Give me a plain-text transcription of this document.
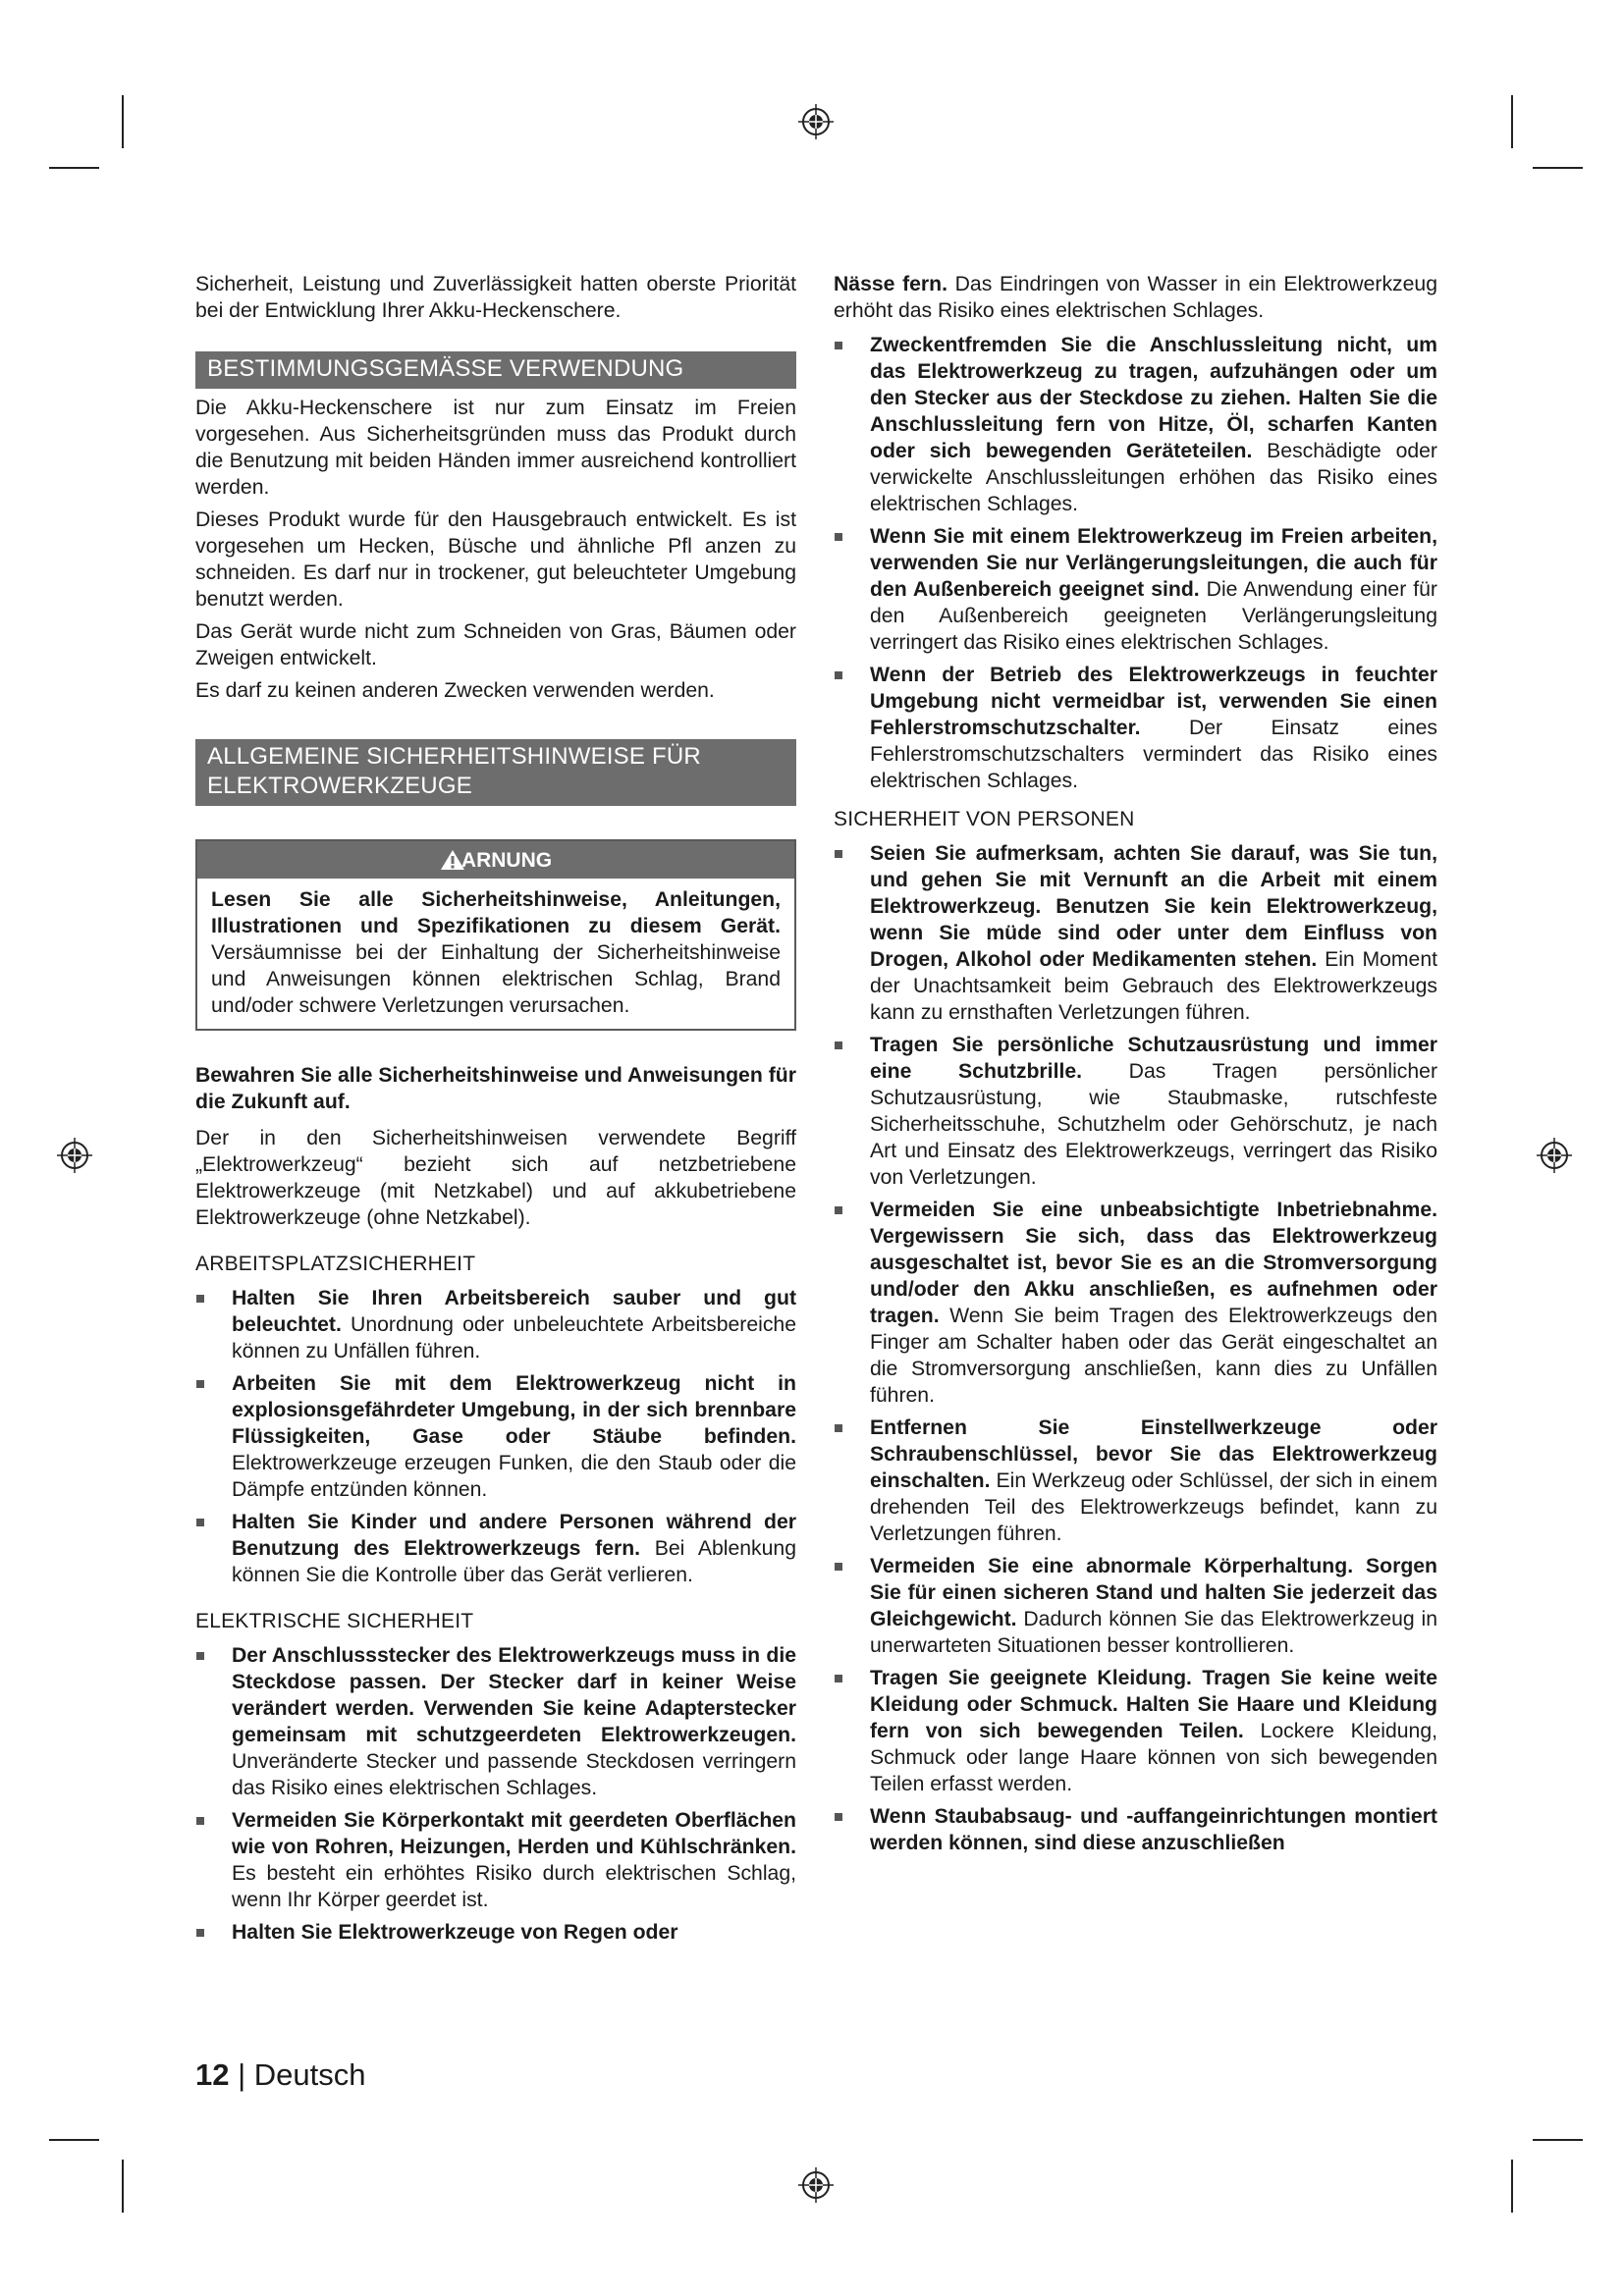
Sicherheit, Leistung und Zuverlässigkeit hatten oberste Priorität bei der Entwicklung Ihrer Akku-Heckenschere.

BESTIMMUNGSGEMÄSSE VERWENDUNG

Die Akku-Heckenschere ist nur zum Einsatz im Freien vorgesehen. Aus Sicherheitsgründen muss das Produkt durch die Benutzung mit beiden Händen immer ausreichend kontrolliert werden.

Dieses Produkt wurde für den Hausgebrauch entwickelt. Es ist vorgesehen um Hecken, Büsche und ähnliche Pfl anzen zu schneiden. Es darf nur in trockener, gut beleuchteter Umgebung benutzt werden.

Das Gerät wurde nicht zum Schneiden von Gras, Bäumen oder Zweigen entwickelt.

Es darf zu keinen anderen Zwecken verwenden werden.

ALLGEMEINE SICHERHEITSHINWEISE FÜR
ELEKTROWERKZEUGE
ARNUNG

Lesen Sie alle Sicherheitshinweise, Anleitungen, Illustrationen und Spezifikationen zu diesem Gerät. Versäumnisse bei der Einhaltung der Sicherheitshinweise und Anweisungen können elektrischen Schlag, Brand und/oder schwere Verletzungen verursachen.

Bewahren Sie alle Sicherheitshinweise und Anweisungen für die Zukunft auf.

Der in den Sicherheitshinweisen verwendete Begriff „Elektrowerkzeug“ bezieht sich auf netzbetriebene Elektrowerkzeuge (mit Netzkabel) und auf akkubetriebene Elektrowerkzeuge (ohne Netzkabel).

ARBEITSPLATZSICHERHEIT
Halten Sie Ihren Arbeitsbereich sauber und gut beleuchtet. Unordnung oder unbeleuchtete Arbeitsbereiche können zu Unfällen führen.
Arbeiten Sie mit dem Elektrowerkzeug nicht in explosionsgefährdeter Umgebung, in der sich brennbare Flüssigkeiten, Gase oder Stäube befinden. Elektrowerkzeuge erzeugen Funken, die den Staub oder die Dämpfe entzünden können.
Halten Sie Kinder und andere Personen während der Benutzung des Elektrowerkzeugs fern. Bei Ablenkung können Sie die Kontrolle über das Gerät verlieren.
ELEKTRISCHE SICHERHEIT
Der Anschlussstecker des Elektrowerkzeugs muss in die Steckdose passen. Der Stecker darf in keiner Weise verändert werden. Verwenden Sie keine Adapterstecker gemeinsam mit schutzgeerdeten Elektrowerkzeugen. Unveränderte Stecker und passende Steckdosen verringern das Risiko eines elektrischen Schlages.
Vermeiden Sie Körperkontakt mit geerdeten Oberflächen wie von Rohren, Heizungen, Herden und Kühlschränken. Es besteht ein erhöhtes Risiko durch elektrischen Schlag, wenn Ihr Körper geerdet ist.
Halten Sie Elektrowerkzeuge von Regen oder

Nässe fern. Das Eindringen von Wasser in ein Elektrowerkzeug erhöht das Risiko eines elektrischen Schlages.

Zweckentfremden Sie die Anschlussleitung nicht, um das Elektrowerkzeug zu tragen, aufzuhängen oder um den Stecker aus der Steckdose zu ziehen. Halten Sie die Anschlussleitung fern von Hitze, Öl, scharfen Kanten oder sich bewegenden Geräteteilen. Beschädigte oder verwickelte Anschlussleitungen erhöhen das Risiko eines elektrischen Schlages.
Wenn Sie mit einem Elektrowerkzeug im Freien arbeiten, verwenden Sie nur Verlängerungsleitungen, die auch für den Außenbereich geeignet sind. Die Anwendung einer für den Außenbereich geeigneten Verlängerungsleitung verringert das Risiko eines elektrischen Schlages.
Wenn der Betrieb des Elektrowerkzeugs in feuchter Umgebung nicht vermeidbar ist, verwenden Sie einen Fehlerstromschutzschalter. Der Einsatz eines Fehlerstromschutzschalters vermindert das Risiko eines elektrischen Schlages.
SICHERHEIT VON PERSONEN
Seien Sie aufmerksam, achten Sie darauf, was Sie tun, und gehen Sie mit Vernunft an die Arbeit mit einem Elektrowerkzeug. Benutzen Sie kein Elektrowerkzeug, wenn Sie müde sind oder unter dem Einfluss von Drogen, Alkohol oder Medikamenten stehen. Ein Moment der Unachtsamkeit beim Gebrauch des Elektrowerkzeugs kann zu ernsthaften Verletzungen führen.
Tragen Sie persönliche Schutzausrüstung und immer eine Schutzbrille. Das Tragen persönlicher Schutzausrüstung, wie Staubmaske, rutschfeste Sicherheitsschuhe, Schutzhelm oder Gehörschutz, je nach Art und Einsatz des Elektrowerkzeugs, verringert das Risiko von Verletzungen.
Vermeiden Sie eine unbeabsichtigte Inbetriebnahme. Vergewissern Sie sich, dass das Elektrowerkzeug ausgeschaltet ist, bevor Sie es an die Stromversorgung und/oder den Akku anschließen, es aufnehmen oder tragen. Wenn Sie beim Tragen des Elektrowerkzeugs den Finger am Schalter haben oder das Gerät eingeschaltet an die Stromversorgung anschließen, kann dies zu Unfällen führen.
Entfernen Sie Einstellwerkzeuge oder Schraubenschlüssel, bevor Sie das Elektrowerkzeug einschalten. Ein Werkzeug oder Schlüssel, der sich in einem drehenden Teil des Elektrowerkzeugs befindet, kann zu Verletzungen führen.
Vermeiden Sie eine abnormale Körperhaltung. Sorgen Sie für einen sicheren Stand und halten Sie jederzeit das Gleichgewicht. Dadurch können Sie das Elektrowerkzeug in unerwarteten Situationen besser kontrollieren.
Tragen Sie geeignete Kleidung. Tragen Sie keine weite Kleidung oder Schmuck. Halten Sie Haare und Kleidung fern von sich bewegenden Teilen. Lockere Kleidung, Schmuck oder lange Haare können von sich bewegenden Teilen erfasst werden.
Wenn Staubabsaug- und -auffangeinrichtungen montiert werden können, sind diese anzuschließen
12 | Deutsch
